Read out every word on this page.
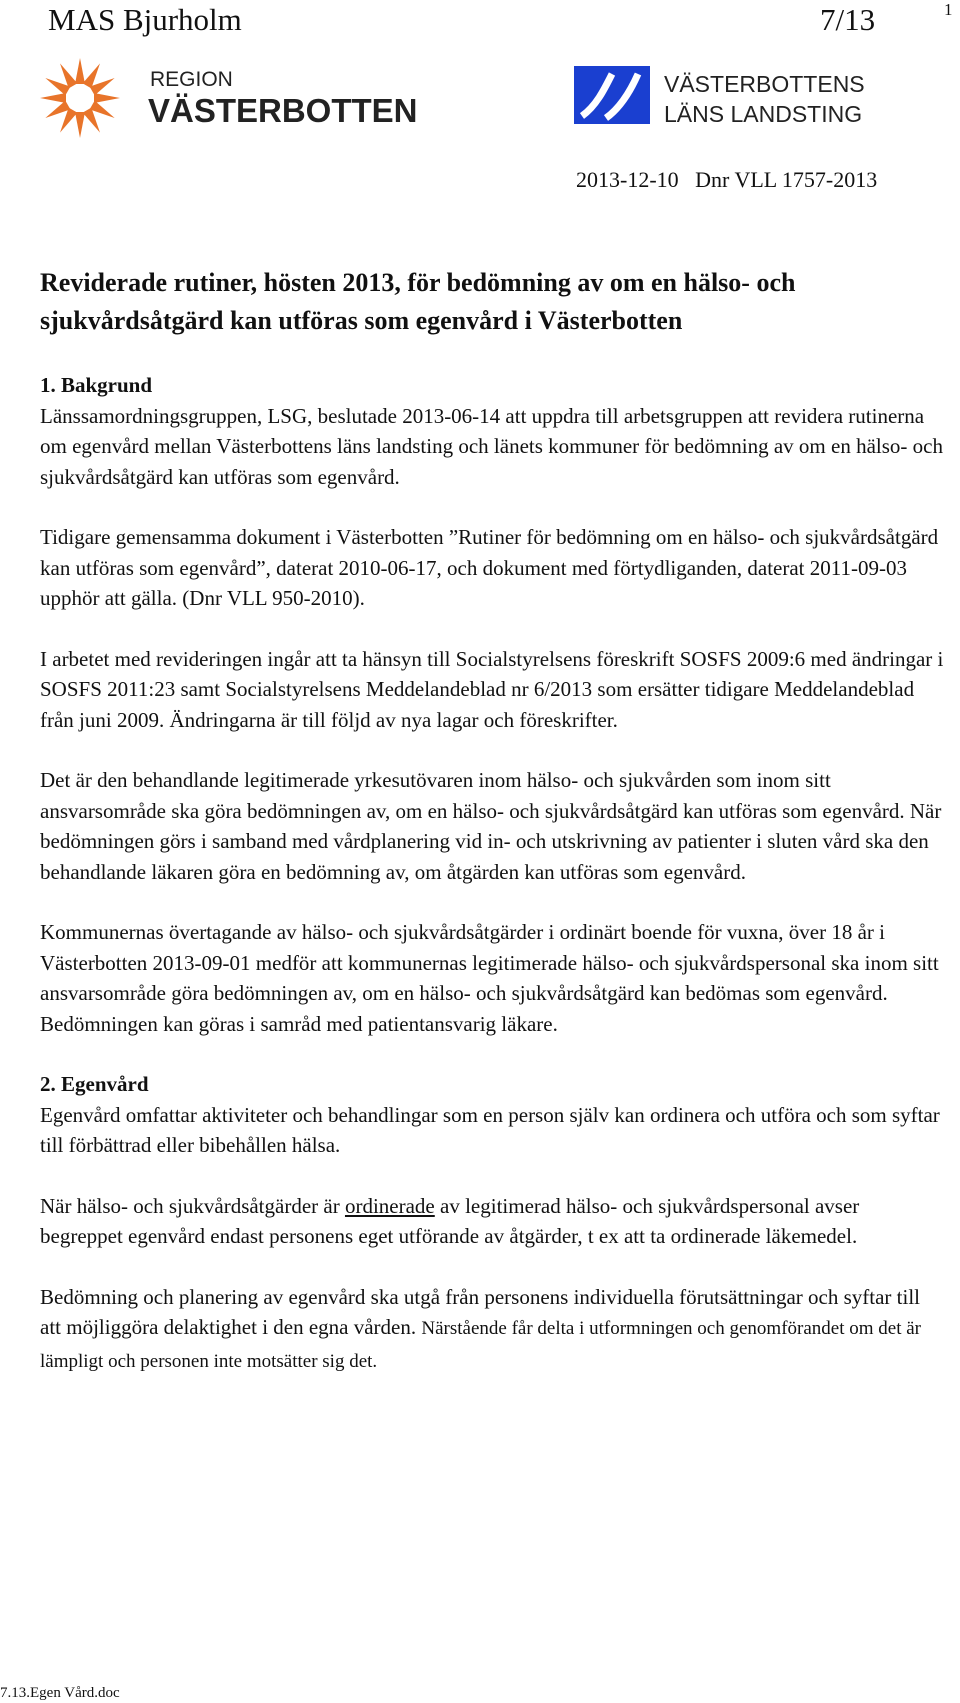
MAS Bjurholm	7/13	1
REGION
VÄSTERBOTTEN
VÄSTERBOTTENS
LÄNS LANDSTING
2013-12-10 Dnr VLL 1757-2013
Reviderade rutiner, hösten 2013, för bedömning av om en hälso- och sjukvårdsåtgärd kan utföras som egenvård i Västerbotten
1. Bakgrund
Länssamordningsgruppen, LSG, beslutade 2013-06-14 att uppdra till arbetsgruppen att revidera rutinerna om egenvård mellan Västerbottens läns landsting och länets kommuner för bedömning av om en hälso- och sjukvårdsåtgärd kan utföras som egenvård.
Tidigare gemensamma dokument i Västerbotten ”Rutiner för bedömning om en hälso- och sjukvårdsåtgärd kan utföras som egenvård”, daterat 2010-06-17, och dokument med förtydliganden, daterat 2011-09-03 upphör att gälla. (Dnr VLL 950-2010).
I arbetet med revideringen ingår att ta hänsyn till Socialstyrelsens föreskrift SOSFS 2009:6 med ändringar i SOSFS 2011:23 samt Socialstyrelsens Meddelandeblad nr 6/2013 som ersätter tidigare Meddelandeblad från juni 2009. Ändringarna är till följd av nya lagar och föreskrifter.
Det är den behandlande legitimerade yrkesutövaren inom hälso- och sjukvården som inom sitt ansvarsområde ska göra bedömningen av, om en hälso- och sjukvårdsåtgärd kan utföras som egenvård. När bedömningen görs i samband med vårdplanering vid in- och utskrivning av patienter i sluten vård ska den behandlande läkaren göra en bedömning av, om åtgärden kan utföras som egenvård.
Kommunernas övertagande av hälso- och sjukvårdsåtgärder i ordinärt boende för vuxna, över 18 år i Västerbotten 2013-09-01 medför att kommunernas legitimerade hälso- och sjukvårdspersonal ska inom sitt ansvarsområde göra bedömningen av, om en hälso- och sjukvårdsåtgärd kan bedömas som egenvård. Bedömningen kan göras i samråd med patientansvarig läkare.
2. Egenvård
Egenvård omfattar aktiviteter och behandlingar som en person själv kan ordinera och utföra och som syftar till förbättrad eller bibehållen hälsa.
När hälso- och sjukvårdsåtgärder är ordinerade av legitimerad hälso- och sjukvårdspersonal avser begreppet egenvård endast personens eget utförande av åtgärder, t ex att ta ordinerade läkemedel.
Bedömning och planering av egenvård ska utgå från personens individuella förutsättningar och syftar till att möjliggöra delaktighet i den egna vården. Närstående får delta i utformningen och genomförandet om det är lämpligt och personen inte motsätter sig det.
7.13.Egen Vård.doc
